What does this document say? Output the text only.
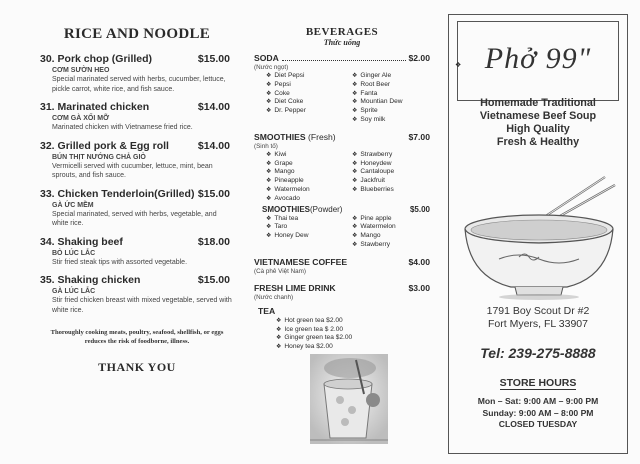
RICE AND NOODLE
30. Pork chop (Grilled)	$15.00
CƠM SƯỜN HEO
Special marinated served with herbs, cucumber, lettuce, pickle carrot, white rice, and fish sauce.
31. Marinated chicken	$14.00
CƠM GÀ XỐI MỠ
Marinated chicken with Vietnamese fried rice.
32. Grilled pork & Egg roll	$14.00
BÚN THỊT NƯỚNG CHẢ GIÒ
Vermicelli served with cucumber, lettuce, mint, bean sprouts, and fish sauce.
33. Chicken Tenderloin(Grilled) $15.00
GÀ ỨC MỀM
Special marinated, served with herbs, vegetable, and white rice.
34. Shaking beef	$18.00
BÒ LÚC LẮC
Stir fried steak tips with assorted vegetable.
35. Shaking chicken	$15.00
GÀ LÚC LẮC
Stir fried chicken breast with mixed vegetable, served with white rice.
Thoroughly cooking meats, poultry, seafood, shellfish, or eggs reduces the risk of foodborne, illness.
THANK YOU
BEVERAGES
Thức uống
SODA	$2.00
(Nước ngọt)
❖ Diet Pepsi
❖ Pepsi
❖ Coke
❖ Diet Coke
❖ Dr. Pepper
❖ Ginger Ale
❖ Root Beer
❖ Fanta
❖ Mountian Dew
❖ Sprite
❖ Soy milk
SMOOTHIES (Fresh)	$7.00
(Sinh tố)
❖ Kiwi
❖ Grape
❖ Mango
❖ Pineapple
❖ Watermelon
❖ Avocado
❖ Strawberry
❖ Honeydew
❖ Cantaloupe
❖ Jackfruit
❖ Blueberries
SMOOTHIES(Powder)	$5.00
❖ Thai tea
❖ Taro
❖ Honey Dew
❖ Pine apple
❖ Watermelon
❖ Mango
❖ Stawberry
VIETNAMESE COFFEE	$4.00
(Cà phê Việt Nam)
FRESH LIME DRINK	$3.00
(Nước chanh)
TEA
❖ Hot green tea $2.00
❖ Ice green tea $ 2.00
❖ Ginger green tea $2.00
❖ Honey tea $2.00
❖ Phở 99"
Homemade Traditional
Vietnamese Beef Soup
High Quality
Fresh & Healthy
1791 Boy Scout Dr #2
Fort Myers, FL 33907
Tel: 239-275-8888
STORE HOURS
Mon – Sat: 9:00 AM – 9:00 PM
Sunday: 9:00 AM – 8:00 PM
CLOSED TUESDAY
